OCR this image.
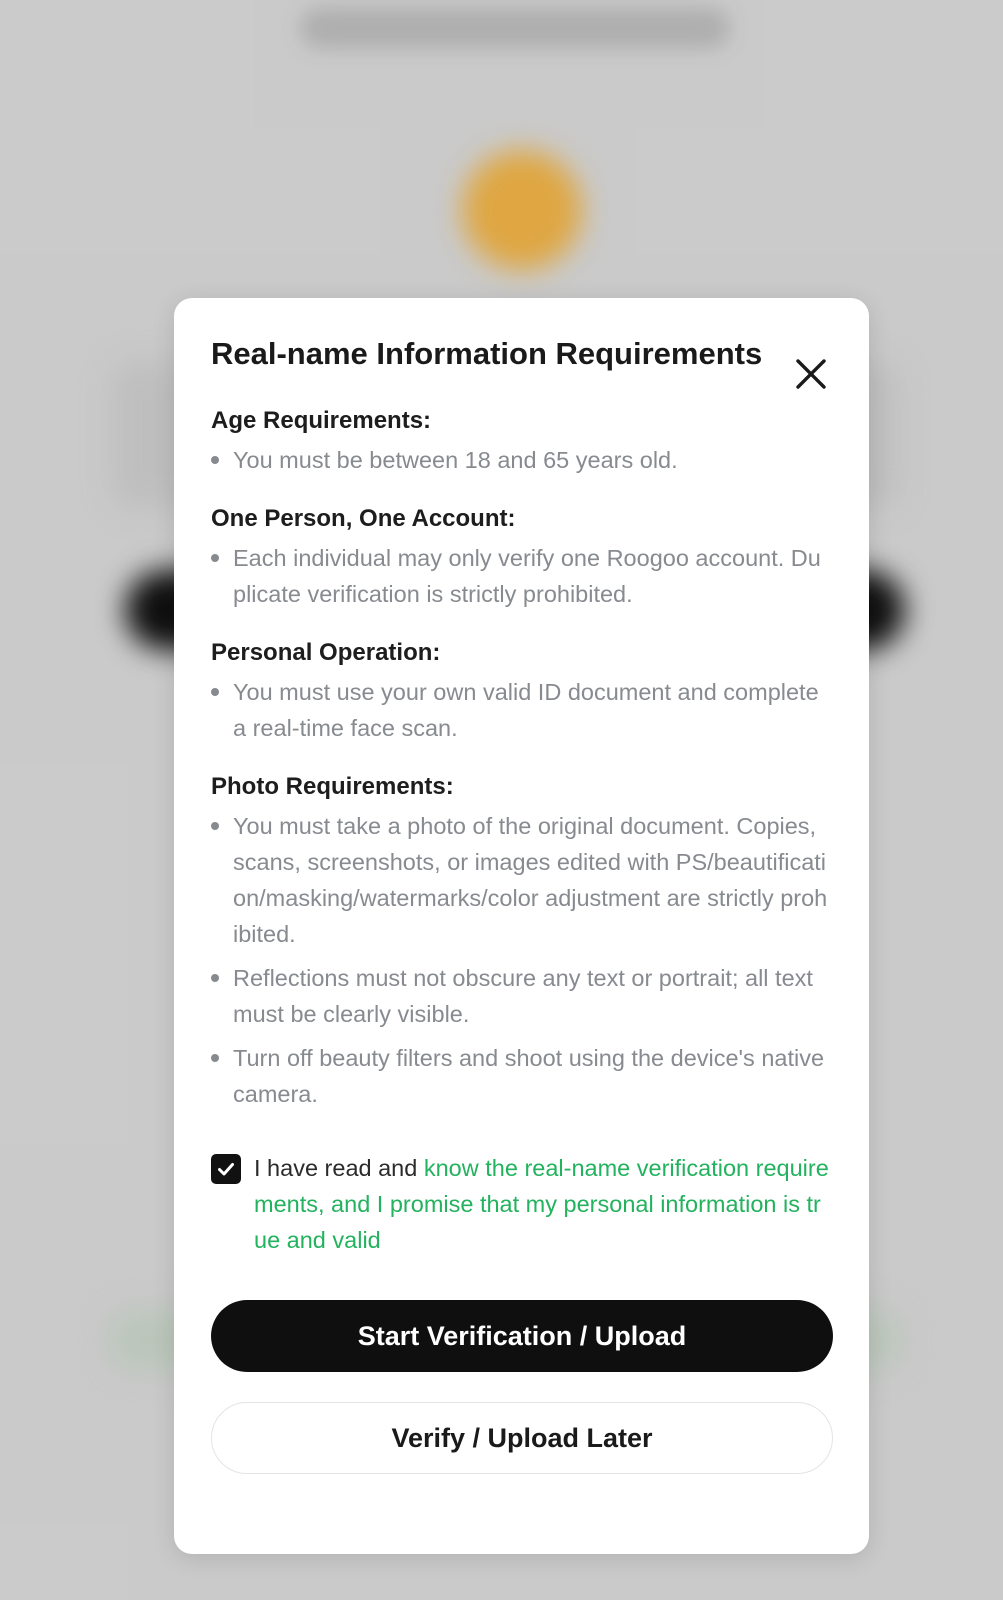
Real-name Information Requirements
Age Requirements:
You must be between 18 and 65 years old.
One Person, One Account:
Each individual may only verify one Roogoo account. Duplicate verification is strictly prohibited.
Personal Operation:
You must use your own valid ID document and complete a real-time face scan.
Photo Requirements:
You must take a photo of the original document. Copies, scans, screenshots, or images edited with PS/beautification/masking/watermarks/color adjustment are strictly prohibited.
Reflections must not obscure any text or portrait; all text must be clearly visible.
Turn off beauty filters and shoot using the device's native camera.
I have read and know the real-name verification requirements, and I promise that my personal information is true and valid
Start Verification / Upload
Verify / Upload Later
